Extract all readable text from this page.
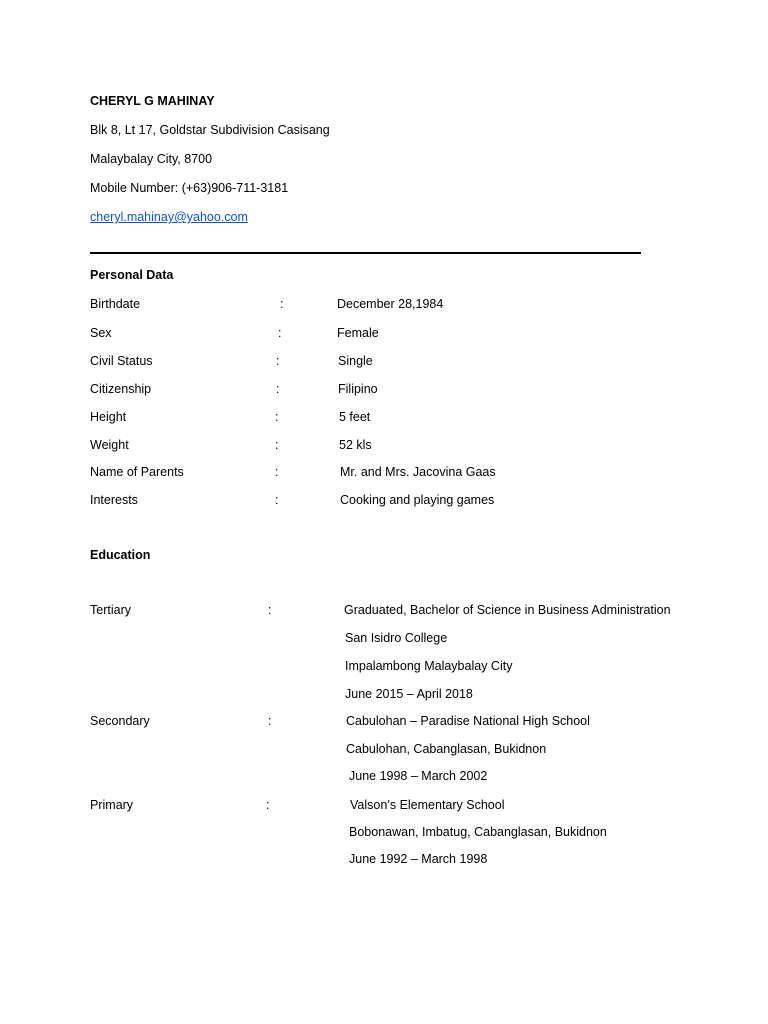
CHERYL G MAHINAY
Blk 8, Lt 17, Goldstar Subdivision Casisang
Malaybalay City, 8700
Mobile Number: (+63)906-711-3181
cheryl.mahinay@yahoo.com
Personal Data
Birthdate	:	December 28,1984
Sex	:	Female
Civil Status	:	Single
Citizenship	:	Filipino
Height	:	5 feet
Weight	:	52 kls
Name of Parents	:	Mr. and Mrs. Jacovina Gaas
Interests	:	Cooking and playing games
Education
Tertiary	:	Graduated, Bachelor of Science in Business Administration
San Isidro College
Impalambong Malaybalay City
June 2015 – April 2018
Secondary	:	Cabulohan – Paradise National High School
Cabulohan, Cabanglasan, Bukidnon
June 1998 – March 2002
Primary	:	Valson’s Elementary School
Bobonawan, Imbatug, Cabanglasan, Bukidnon
June 1992 – March 1998
